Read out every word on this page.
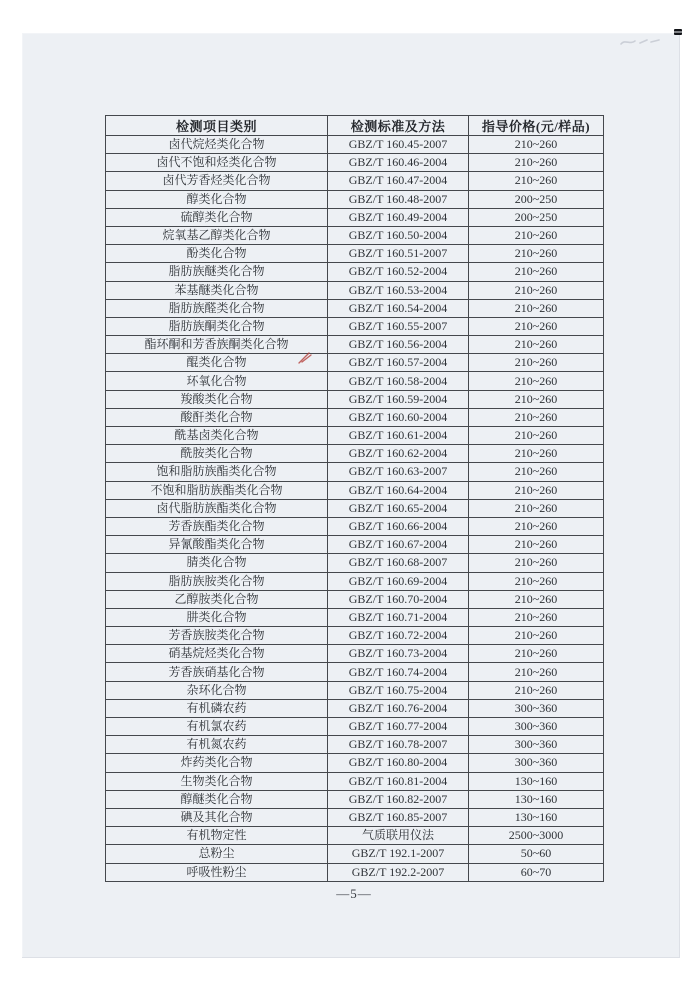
检测项目类别	检测标准及方法	指导价格(元/样品)
卤代烷烃类化合物	GBZ/T 160.45-2007	210~260
卤代不饱和烃类化合物	GBZ/T 160.46-2004	210~260
卤代芳香烃类化合物	GBZ/T 160.47-2004	210~260
醇类化合物	GBZ/T 160.48-2007	200~250
硫醇类化合物	GBZ/T 160.49-2004	200~250
烷氧基乙醇类化合物	GBZ/T 160.50-2004	210~260
酚类化合物	GBZ/T 160.51-2007	210~260
脂肪族醚类化合物	GBZ/T 160.52-2004	210~260
苯基醚类化合物	GBZ/T 160.53-2004	210~260
脂肪族醛类化合物	GBZ/T 160.54-2004	210~260
脂肪族酮类化合物	GBZ/T 160.55-2007	210~260
酯环酮和芳香族酮类化合物	GBZ/T 160.56-2004	210~260
醌类化合物	GBZ/T 160.57-2004	210~260
环氧化合物	GBZ/T 160.58-2004	210~260
羧酸类化合物	GBZ/T 160.59-2004	210~260
酸酐类化合物	GBZ/T 160.60-2004	210~260
酰基卤类化合物	GBZ/T 160.61-2004	210~260
酰胺类化合物	GBZ/T 160.62-2004	210~260
饱和脂肪族酯类化合物	GBZ/T 160.63-2007	210~260
不饱和脂肪族酯类化合物	GBZ/T 160.64-2004	210~260
卤代脂肪族酯类化合物	GBZ/T 160.65-2004	210~260
芳香族酯类化合物	GBZ/T 160.66-2004	210~260
异氰酸酯类化合物	GBZ/T 160.67-2004	210~260
腈类化合物	GBZ/T 160.68-2007	210~260
脂肪族胺类化合物	GBZ/T 160.69-2004	210~260
乙醇胺类化合物	GBZ/T 160.70-2004	210~260
肼类化合物	GBZ/T 160.71-2004	210~260
芳香族胺类化合物	GBZ/T 160.72-2004	210~260
硝基烷烃类化合物	GBZ/T 160.73-2004	210~260
芳香族硝基化合物	GBZ/T 160.74-2004	210~260
杂环化合物	GBZ/T 160.75-2004	210~260
有机磷农药	GBZ/T 160.76-2004	300~360
有机氯农药	GBZ/T 160.77-2004	300~360
有机氮农药	GBZ/T 160.78-2007	300~360
炸药类化合物	GBZ/T 160.80-2004	300~360
生物类化合物	GBZ/T 160.81-2004	130~160
醇醚类化合物	GBZ/T 160.82-2007	130~160
碘及其化合物	GBZ/T 160.85-2007	130~160
有机物定性	气质联用仪法	2500~3000
总粉尘	GBZ/T 192.1-2007	50~60
呼吸性粉尘	GBZ/T 192.2-2007	60~70
—5—
